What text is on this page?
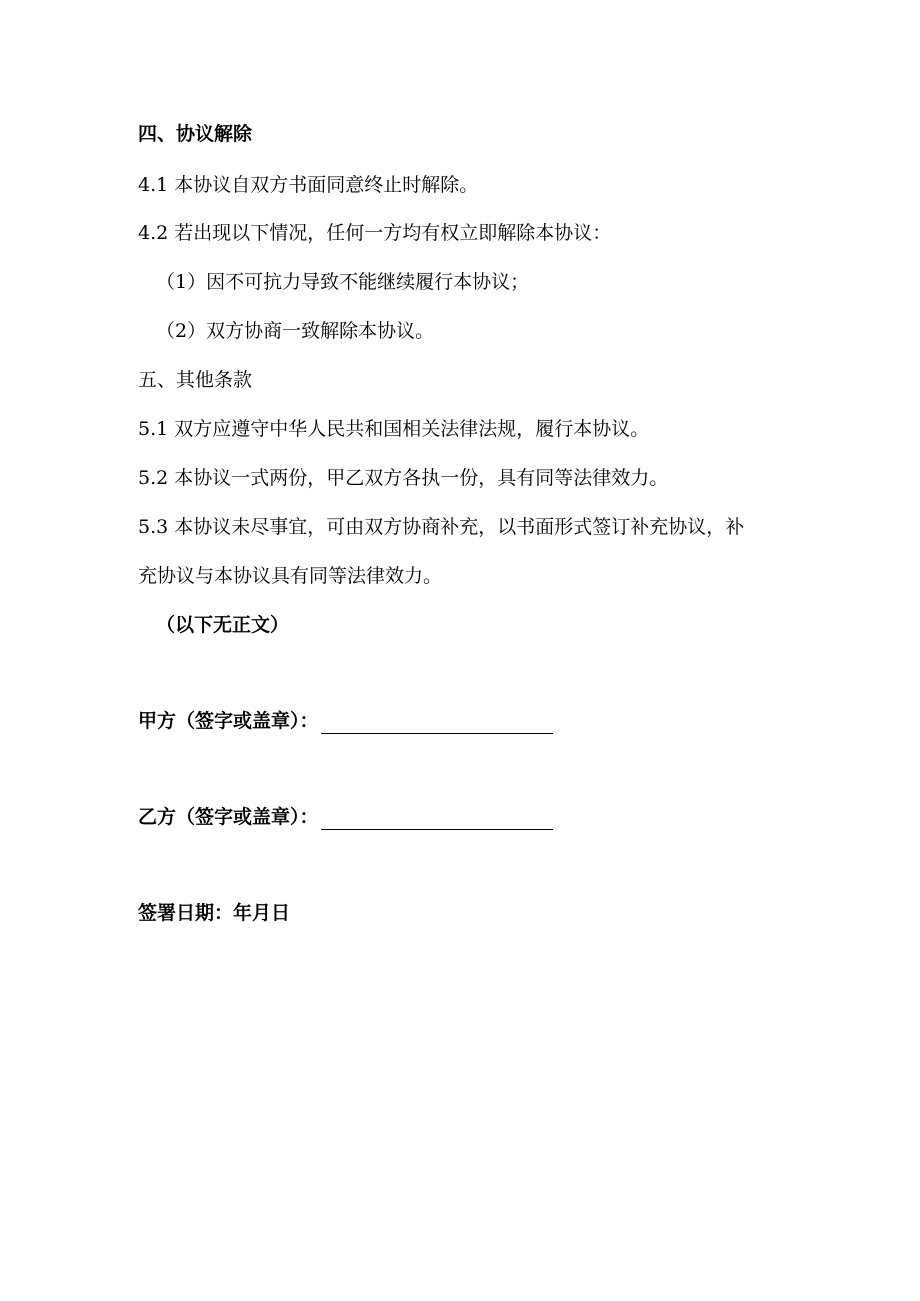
四、协议解除
4.1 本协议自双方书面同意终止时解除。
4.2 若出现以下情况，任何一方均有权立即解除本协议：
（1）因不可抗力导致不能继续履行本协议；
（2）双方协商一致解除本协议。
五、其他条款
5.1 双方应遵守中华人民共和国相关法律法规，履行本协议。
5.2 本协议一式两份，甲乙双方各执一份，具有同等法律效力。
5.3 本协议未尽事宜，可由双方协商补充，以书面形式签订补充协议，补
充协议与本协议具有同等法律效力。
（以下无正文）
甲方（签字或盖章）：
乙方（签字或盖章）：
签署日期：年月日
